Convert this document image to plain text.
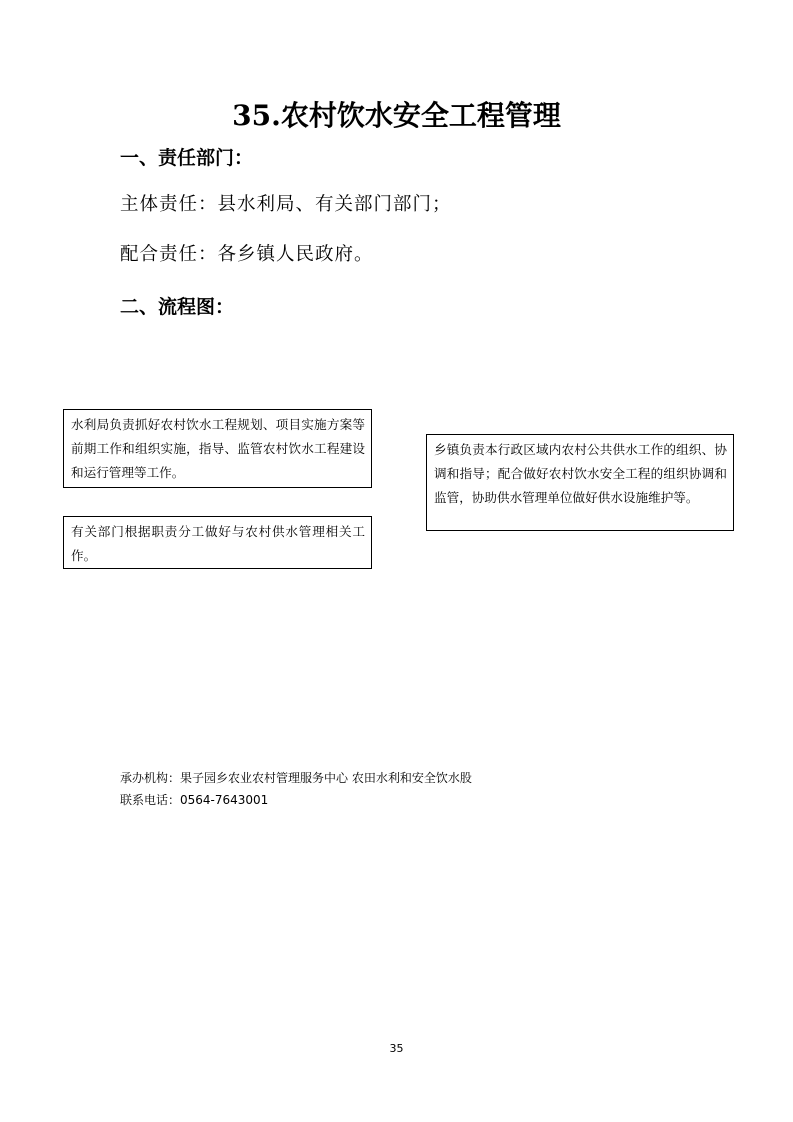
35.农村饮水安全工程管理
一、责任部门：
主体责任：县水利局、有关部门部门；
配合责任：各乡镇人民政府。
二、流程图：
水利局负责抓好农村饮水工程规划、项目实施方案等前期工作和组织实施，指导、监管农村饮水工程建设和运行管理等工作。
有关部门根据职责分工做好与农村供水管理相关工作。
乡镇负责本行政区域内农村公共供水工作的组织、协调和指导；配合做好农村饮水安全工程的组织协调和监管，协助供水管理单位做好供水设施维护等。
承办机构：果子园乡农业农村管理服务中心 农田水利和安全饮水股
联系电话：0564-7643001
35
